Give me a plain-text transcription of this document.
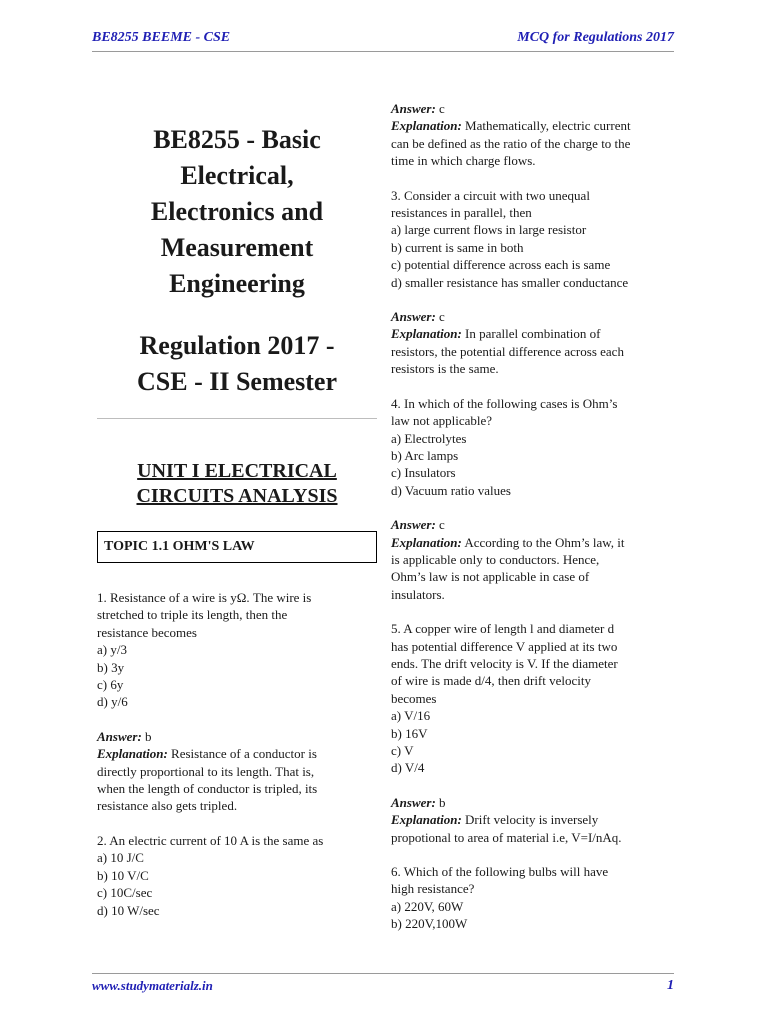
BE8255 BEEME - CSE	MCQ for Regulations 2017
BE8255 - Basic
Electrical,
Electronics and
Measurement
Engineering
Regulation 2017 -
CSE - II Semester
UNIT I ELECTRICAL
CIRCUITS ANALYSIS
TOPIC 1.1 OHM'S LAW

1. Resistance of a wire is yΩ. The wire is

stretched to triple its length, then the

resistance becomes

a) y/3

b) 3y

c) 6y

d) y/6

Answer: b

Explanation: Resistance of a conductor is

directly proportional to its length. That is,

when the length of conductor is tripled, its

resistance also gets tripled.

2. An electric current of 10 A is the same as

a) 10 J/C

b) 10 V/C

c) 10C/sec

d) 10 W/sec

Answer: c

Explanation: Mathematically, electric current

can be defined as the ratio of the charge to the

time in which charge flows.

3. Consider a circuit with two unequal

resistances in parallel, then

a) large current flows in large resistor

b) current is same in both

c) potential difference across each is same

d) smaller resistance has smaller conductance

Answer: c

Explanation: In parallel combination of

resistors, the potential difference across each

resistors is the same.

4. In which of the following cases is Ohm’s

law not applicable?

a) Electrolytes

b) Arc lamps

c) Insulators

d) Vacuum ratio values

Answer: c

Explanation: According to the Ohm’s law, it

is applicable only to conductors. Hence,

Ohm’s law is not applicable in case of

insulators.

5. A copper wire of length l and diameter d

has potential difference V applied at its two

ends. The drift velocity is V. If the diameter

of wire is made d/4, then drift velocity

becomes

a) V/16

b) 16V

c) V

d) V/4

Answer: b

Explanation: Drift velocity is inversely

propotional to area of material i.e, V=I/nAq.

6. Which of the following bulbs will have

high resistance?

a) 220V, 60W

b) 220V,100W

www.studymaterialz.in	1
